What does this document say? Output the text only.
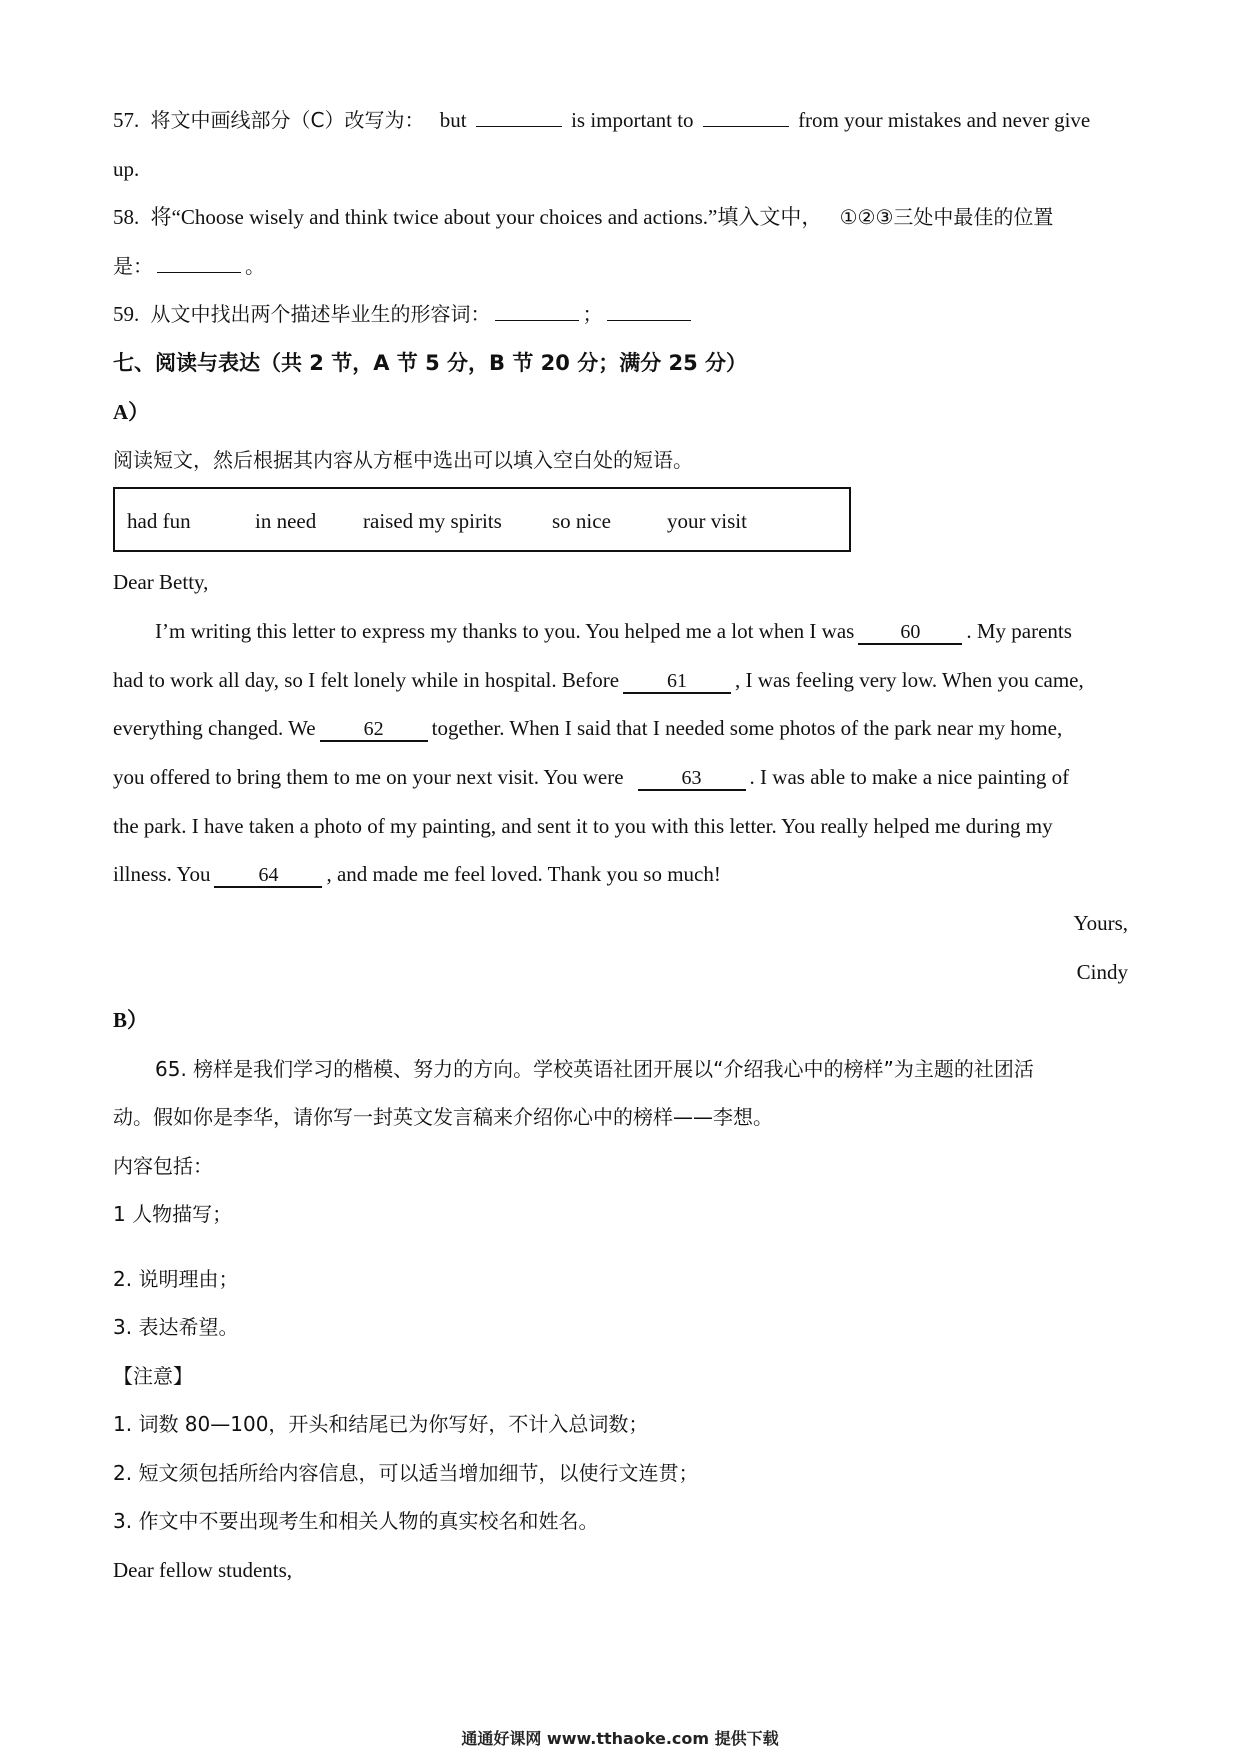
57. 将文中画线部分（C）改写为： but	is important to	from your mistakes and never give
up.
58. 将“Choose wisely and think twice about your choices and actions.”填入文中， ①②③三处中最佳的位置
是：	。
59. 从文中找出两个描述毕业生的形容词：	；
七、阅读与表达（共 2 节，A 节 5 分，B 节 20 分；满分 25 分）
A）
阅读短文，然后根据其内容从方框中选出可以填入空白处的短语。
had fun	in need raised my spirits so nice	your visit
Dear Betty,
I’m writing this letter to express my thanks to you. You helped me a lot when I was 60 . My parents
had to work all day, so I felt lonely while in hospital. Before 61 , I was feeling very low. When you came,
everything changed. We 62 together. When I said that I needed some photos of the park near my home,
you offered to bring them to me on your next visit. You were	63 . I was able to make a nice painting of
the park. I have taken a photo of my painting, and sent it to you with this letter. You really helped me during my
illness. You 64 , and made me feel loved. Thank you so much!
Yours,
Cindy
B）
65. 榜样是我们学习的楷模、努力的方向。学校英语社团开展以“介绍我心中的榜样”为主题的社团活
动。假如你是李华，请你写一封英文发言稿来介绍你心中的榜样——李想。
内容包括：
1 人物描写；
2. 说明理由；
3. 表达希望。
【注意】
1. 词数 80—100，开头和结尾已为你写好，不计入总词数；
2. 短文须包括所给内容信息，可以适当增加细节，以使行文连贯；
3. 作文中不要出现考生和相关人物的真实校名和姓名。
Dear fellow students,
通通好课网 www.tthaoke.com 提供下载
